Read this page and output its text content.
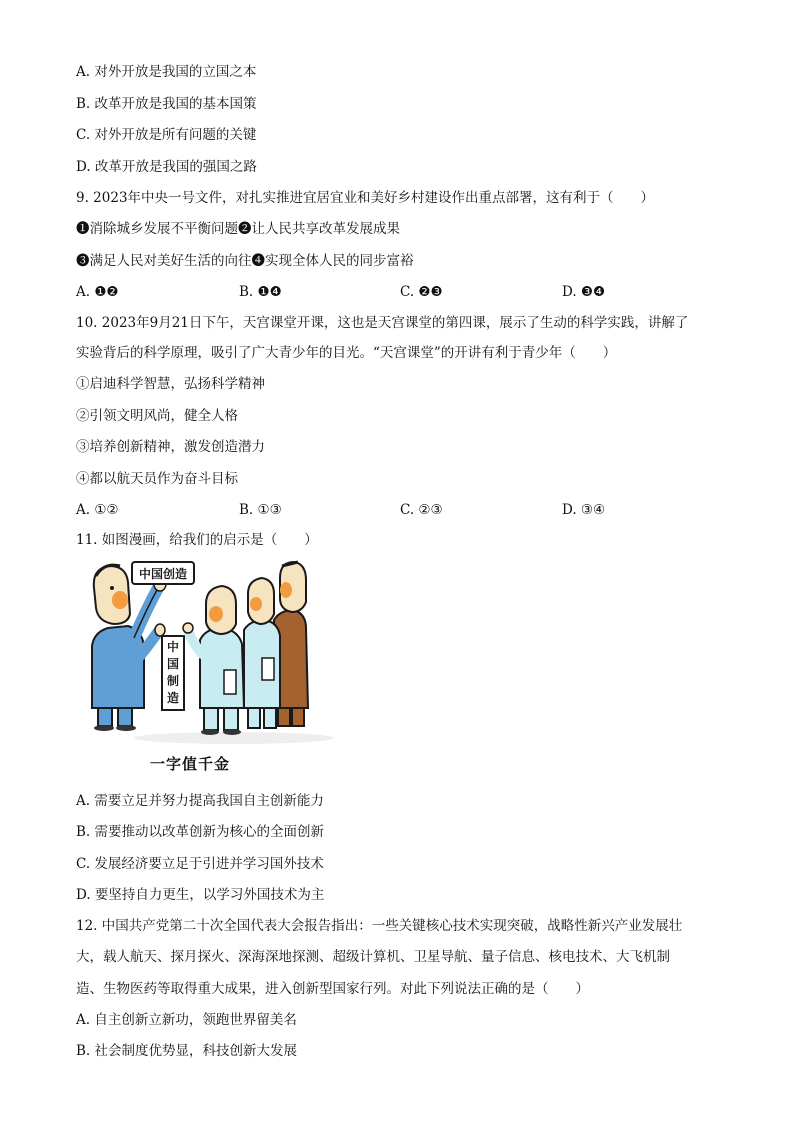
A. 对外开放是我国的立国之本
B. 改革开放是我国的基本国策
C. 对外开放是所有问题的关键
D. 改革开放是我国的强国之路
9. 2023年中央一号文件，对扎实推进宜居宜业和美好乡村建设作出重点部署，这有利于（　　）
❶消除城乡发展不平衡问题❷让人民共享改革发展成果
❸满足人民对美好生活的向往❹实现全体人民的同步富裕
A. ❶❷	B. ❶❹	C. ❷❸	D. ❸❹
10. 2023年9月21日下午，天宫课堂开课，这也是天宫课堂的第四课，展示了生动的科学实践，讲解了
实验背后的科学原理，吸引了广大青少年的目光。“天宫课堂”的开讲有利于青少年（　　）
①启迪科学智慧，弘扬科学精神
②引领文明风尚，健全人格
③培养创新精神，激发创造潜力
④都以航天员作为奋斗目标
A. ①②	B. ①③	C. ②③	D. ③④
11. 如图漫画，给我们的启示是（　　）
中国创造
中
国
制
造
一字值千金
A. 需要立足并努力提高我国自主创新能力
B. 需要推动以改革创新为核心的全面创新
C. 发展经济要立足于引进并学习国外技术
D. 要坚持自力更生，以学习外国技术为主
12. 中国共产党第二十次全国代表大会报告指出：一些关键核心技术实现突破，战略性新兴产业发展壮
大，载人航天、探月探火、深海深地探测、超级计算机、卫星导航、量子信息、核电技术、大飞机制
造、生物医药等取得重大成果，进入创新型国家行列。对此下列说法正确的是（　　）
A. 自主创新立新功，领跑世界留美名
B. 社会制度优势显，科技创新大发展
